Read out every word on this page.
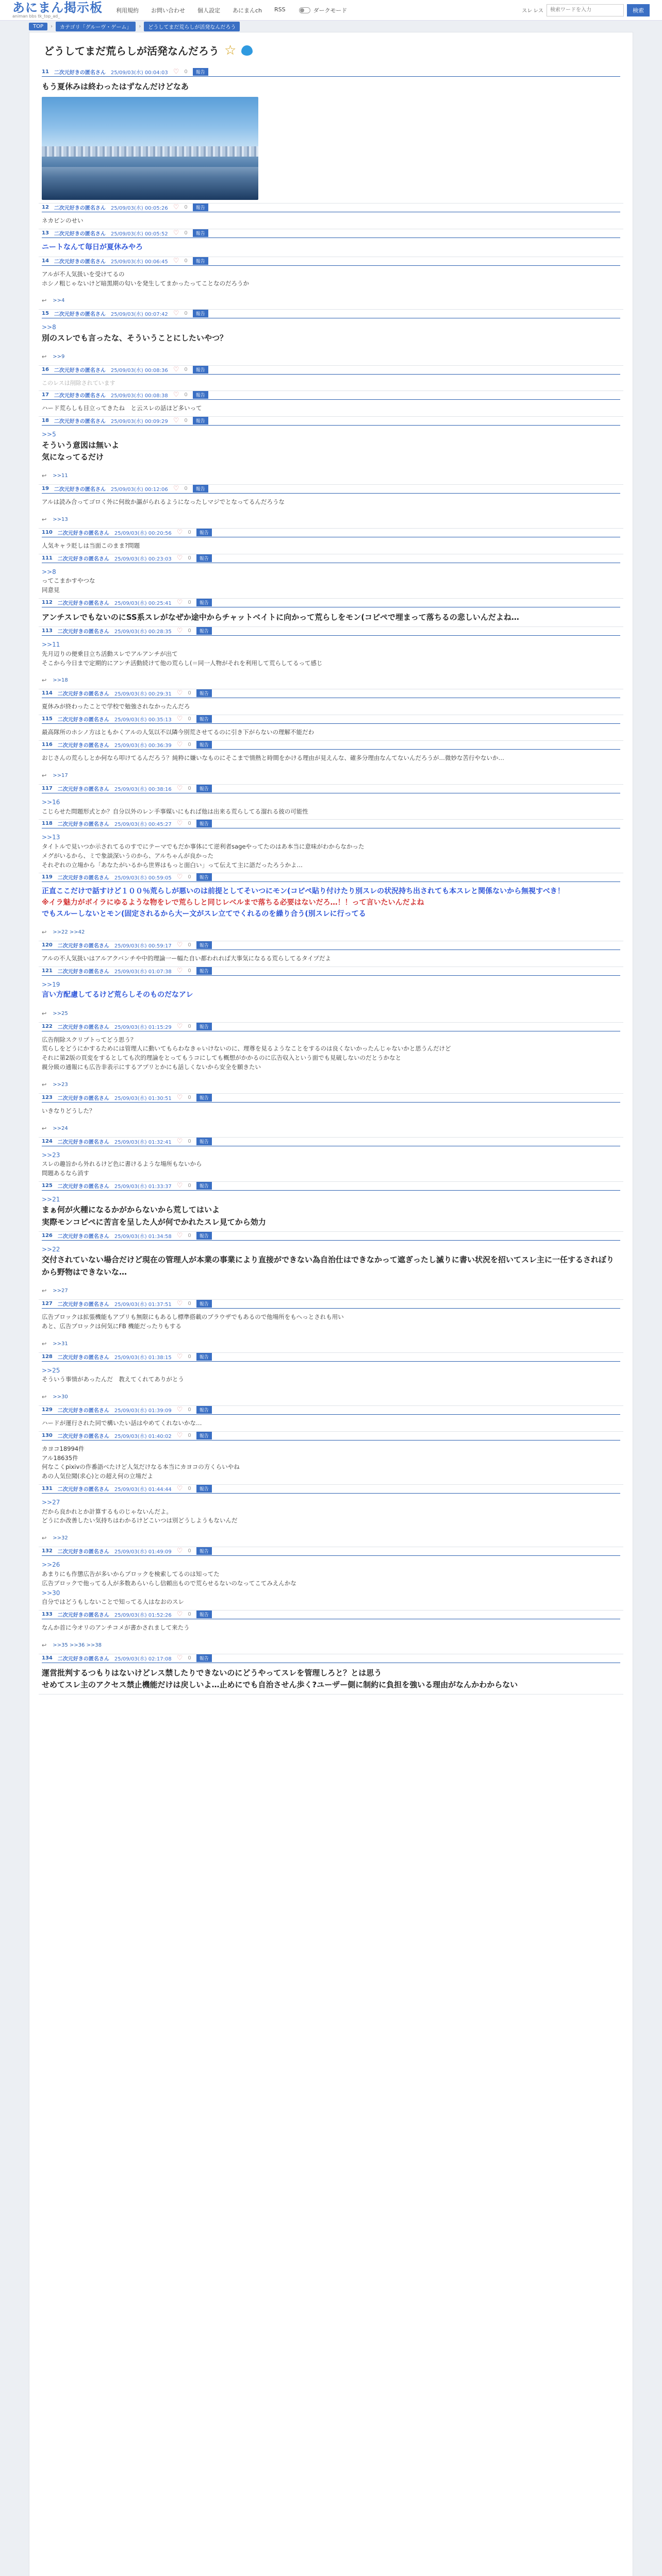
あにまん掲示板
animan bbs tk_top_ad_
利用規約 お問い合わせ 個人設定 あにまんch RSS	ダークモード	スレ レス
検索ワードを入力	検索
TOP	›	カテゴリ「グルーヴ・ゲーム」	›	どうしてまだ荒らしが活発なんだろう
どうしてまだ荒らしが活発なんだろう ☆
11 二次元好きの匿名さん 25/09/03(水) 00:04:03 ♡ 0	報告
もう夏休みは終わったはずなんだけどなあ
12 二次元好きの匿名さん 25/09/03(水) 00:05:26 ♡ 0	報告
ネカビンのせい
13 二次元好きの匿名さん 25/09/03(水) 00:05:52 ♡ 0	報告
ニートなんて毎日が夏休みやろ
14 二次元好きの匿名さん 25/09/03(水) 00:06:45 ♡ 0	報告
アルが不人気扱いを受けてるの
ホシノ粗じゃないけど暗黒期の匂いを発生してまかったってことなのだろうか
↩ >>4
15 二次元好きの匿名さん 25/09/03(水) 00:07:42 ♡ 0	報告
>>8
別のスレでも言ったな、そういうことにしたいやつ？
↩ >>9
16 二次元好きの匿名さん 25/09/03(水) 00:08:36 ♡ 0	報告
このレスは削除されています
17 二次元好きの匿名さん 25/09/03(水) 00:08:38 ♡ 0	報告
ハード荒らしも目立ってきたね　と云スレの話ほど多いって
18 二次元好きの匿名さん 25/09/03(水) 00:09:29 ♡ 0	報告
>>5
そういう意図は無いよ
気になってるだけ
↩ >>11
19 二次元好きの匿名さん 25/09/03(水) 00:12:06 ♡ 0	報告
アルは読み合ってゴロく外に何故か謳がられるようになったしマジでとなってるんだろうな
↩ >>13
110 二次元好きの匿名さん 25/09/03(水) 00:20:56 ♡ 0	報告
人気キャラ貶しは当面このまま?問題
111 二次元好きの匿名さん 25/09/03(水) 00:23:03 ♡ 0	報告
>>8
ってこまかすやつな
同意見
112 二次元好きの匿名さん 25/09/03(水) 00:25:41 ♡ 0	報告
アンチスレでもないのにSS系スレがなぜか途中からチャットベイトに向かって荒らしをモン(コピペで埋まって落ちるの悲しいんだよね…
113 二次元好きの匿名さん 25/09/03(水) 00:28:35 ♡ 0	報告
>>11
先月辺りの便乗目立ち活動スレでアルアンチが出て
そこから今日まで定期的にアンチ活動続けて他の荒らし(＝同一人物がそれを利用して荒らしてるって感じ
↩ >>18
114 二次元好きの匿名さん 25/09/03(水) 00:29:31 ♡ 0	報告
夏休みが終わったことで学校で勉強されなかったんだろ
115 二次元好きの匿名さん 25/09/03(水) 00:35:13 ♡ 0	報告
最高隊所のホシノ方はともかくアルの人気以不以隣今別荒させてるのに引き下がらないの理解不能だわ
116 二次元好きの匿名さん 25/09/03(水) 00:36:39 ♡ 0	報告
おじさんの荒らしとか何なら叩けてるんだろう？純粋に嫌いなものにそこまで情熱と時間をかける理由が見えんな、確多分理由なんてないんだろうが…微妙な苦行やないか…
↩ >>17
117 二次元好きの匿名さん 25/09/03(水) 00:38:16 ♡ 0	報告
>>16
こじらせた問題形式とか？自分以外のレン手事媒いにもれば他は出来る荒らしてる溜れる彼の可能性
118 二次元好きの匿名さん 25/09/03(水) 00:45:27 ♡ 0	報告
>>13
タイトルで見いつか示されてるのすでにテーマでもだか事体にて逆利者sageやってたのはあ本当に意味がわからなかった
メグがいるから、ミで象談深いうのから、アルちゃんが良かった
それぞれの立場から「あなたがいるから世界はもっと面白い」って伝えて主に語だったろうかよ…
119 二次元好きの匿名さん 25/09/03(水) 00:59:05 ♡ 0	報告
正直ここだけで話すけど１００％荒らしが悪いのは前提としてそいつにモン(コピペ貼り付けたり別スレの状況持ち出されても本スレと関係ないから無視すべき！
※イラ魅力がボイラにゆるような物をレで荒らしと同じレベルまで落ちる必要はないだろ…！！って言いたいんだよね
でもスルーしないとモン(固定されるから大ー文がスレ立てでくれるのを繰り合う(別スレに行ってる
↩ >>22 >>42
120 二次元好きの匿名さん 25/09/03(水) 00:59:17 ♡ 0	報告
アルの不人気扱いはアルアクバンチや中的理論一ー幅た自い都われれば大事気になるる荒らしてるタイプだよ
121 二次元好きの匿名さん 25/09/03(水) 01:07:38 ♡ 0	報告
>>19
言い方配慮してるけど荒らしそのものだなアレ
↩ >>25
122 二次元好きの匿名さん 25/09/03(水) 01:15:29 ♡ 0	報告
広告削除スクリプトってどう思う？
荒らしをどうにかするためには管理人に動いてもらわなきゃいけないのに、理尊を見るようなことをするのは良くないかったんじゃないかと思うんだけど
それに第2版の頁変をするとしても次的理論をとってもうコにしても概想がかかるのに広告収入という面でも見破しないのだとうかなと
親分級の通報にも広告非表示にするアプリとかにも話しくないから安全を願きたい
↩ >>23
123 二次元好きの匿名さん 25/09/03(水) 01:30:51 ♡ 0	報告
いきなりどうした？
↩ >>24
124 二次元好きの匿名さん 25/09/03(水) 01:32:41 ♡ 0	報告
>>23
スレの趣旨から外れるけど色に書けるような場所もないから
問題あるなら消す
125 二次元好きの匿名さん 25/09/03(水) 01:33:37 ♡ 0	報告
>>21
まぁ何が火種になるかがからないから荒してはいよ
実際モンコピペに苦言を呈した人が何でかれたスレ見てから効力
126 二次元好きの匿名さん 25/09/03(水) 01:34:58 ♡ 0	報告
>>22
交付されていない場合だけど現在の管理人が本業の事業により直接ができない為自治仕はできなかって遮ぎったし滅りに書い状況を招いてスレ主に一任するされぼりから野物はできないな…
↩ >>27
127 二次元好きの匿名さん 25/09/03(水) 01:37:51 ♡ 0	報告
広告ブロックは拡張機能もアプリも無限にもあるし標準搭載のブラウザでもあるので他場所をもへっとされも用い
あと、広告ブロックは何気にFB 機能だったりもする
↩ >>31
128 二次元好きの匿名さん 25/09/03(水) 01:38:15 ♡ 0	報告
>>25
そういう事情があったんだ　教えてくれてありがとう
↩ >>30
129 二次元好きの匿名さん 25/09/03(水) 01:39:09 ♡ 0	報告
ハードが運行された同で構いたい話はやめてくれないかな…
130 二次元好きの匿名さん 25/09/03(水) 01:40:02 ♡ 0	報告
カヨコ18994件
アル18635件
何なこくpixivの作番語べたけど人気だけなる本当にカヨコの方くらいやね
あの人気位聞(求心)との超え何の立場だよ
131 二次元好きの匿名さん 25/09/03(水) 01:44:44 ♡ 0	報告
>>27
だから良かれとか計算するものじゃないんだよ。
どうにか改善したい気持ちはわかるけどこいつは別どうしようもないんだ
↩ >>32
132 二次元好きの匿名さん 25/09/03(水) 01:49:09 ♡ 0	報告
>>26
あまりにも作懲広告が多いからブロックを検索してるのは知ってた
広告ブロックで他ってる人が多数あらいらし信頼出もので荒らせるないのなってこてみえんかな
>>30
自分ではどうもしないことで知ってる人はなおのスレ
133 二次元好きの匿名さん 25/09/03(水) 01:52:26 ♡ 0	報告
なんか首に今オリのアンチコメが書かされまして来たう
↩ >>35 >>36 >>38
134 二次元好きの匿名さん 25/09/03(水) 02:17:08 ♡ 0	報告
運営批判するつもりはないけどレス禁したりできないのにどうやってスレを管理しろと？とは思う
せめてスレ主のアクセス禁止機能だけは戻しいよ…止めにでも自治させん歩く?ユーザー側に制約に負担を強いる理由がなんかわからない
